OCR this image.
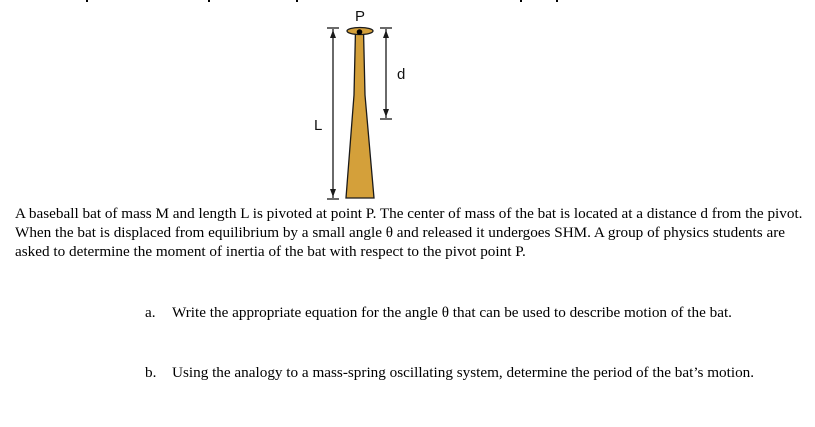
P
d
L

A baseball bat of mass M and length L is pivoted at point P. The center of mass of the bat is located at a distance d from the pivot. When the bat is displaced from equilibrium by a small angle θ and released it undergoes SHM. A group of physics students are asked to determine the moment of inertia of the bat with respect to the pivot point P.

a.	Write the appropriate equation for the angle θ that can be used to describe motion of the bat.
b.	Using the analogy to a mass-spring oscillating system, determine the period of the bat’s motion.
